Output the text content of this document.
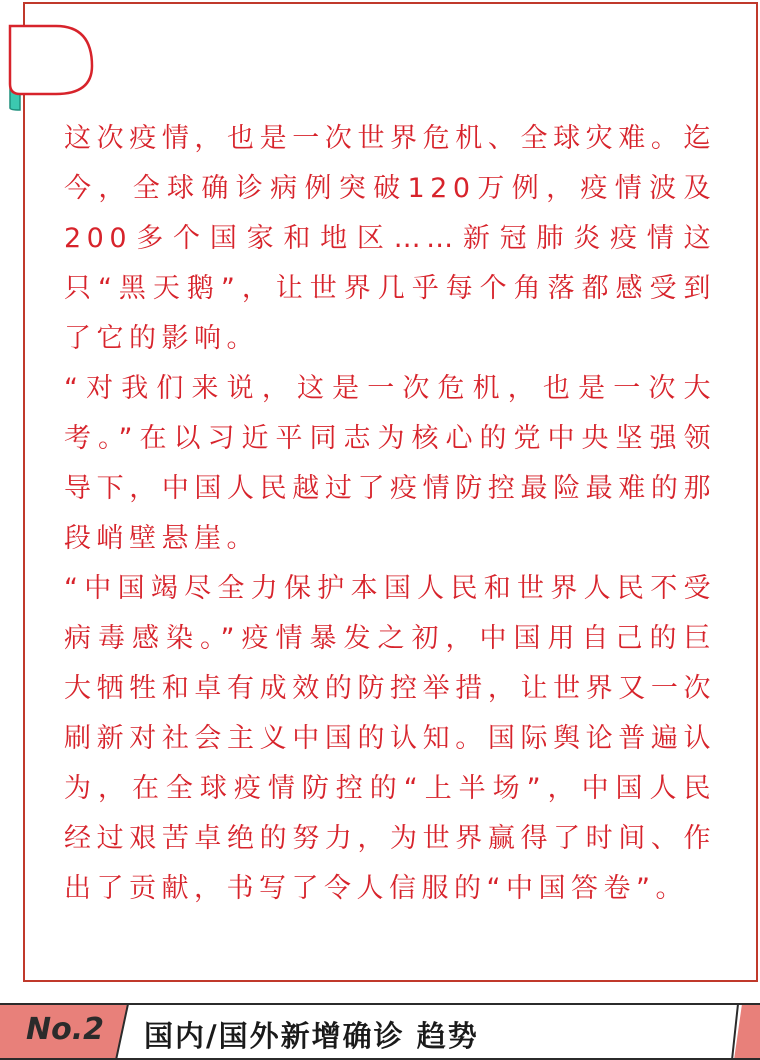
这次疫情，也是一次世界危机、全球灾难。迄今，全球确诊病例突破120万例，疫情波及200多个国家和地区……新冠肺炎疫情这只“黑天鹅”，让世界几乎每个角落都感受到了它的影响。

“对我们来说，这是一次危机，也是一次大考。”在以习近平同志为核心的党中央坚强领导下，中国人民越过了疫情防控最险最难的那段峭壁悬崖。

“中国竭尽全力保护本国人民和世界人民不受病毒感染。”疫情暴发之初，中国用自己的巨大牺牲和卓有成效的防控举措，让世界又一次刷新对社会主义中国的认知。国际舆论普遍认为，在全球疫情防控的“上半场”，中国人民经过艰苦卓绝的努力，为世界赢得了时间、作出了贡献，书写了令人信服的“中国答卷”。

No.2 国内/国外新增确诊 趋势
